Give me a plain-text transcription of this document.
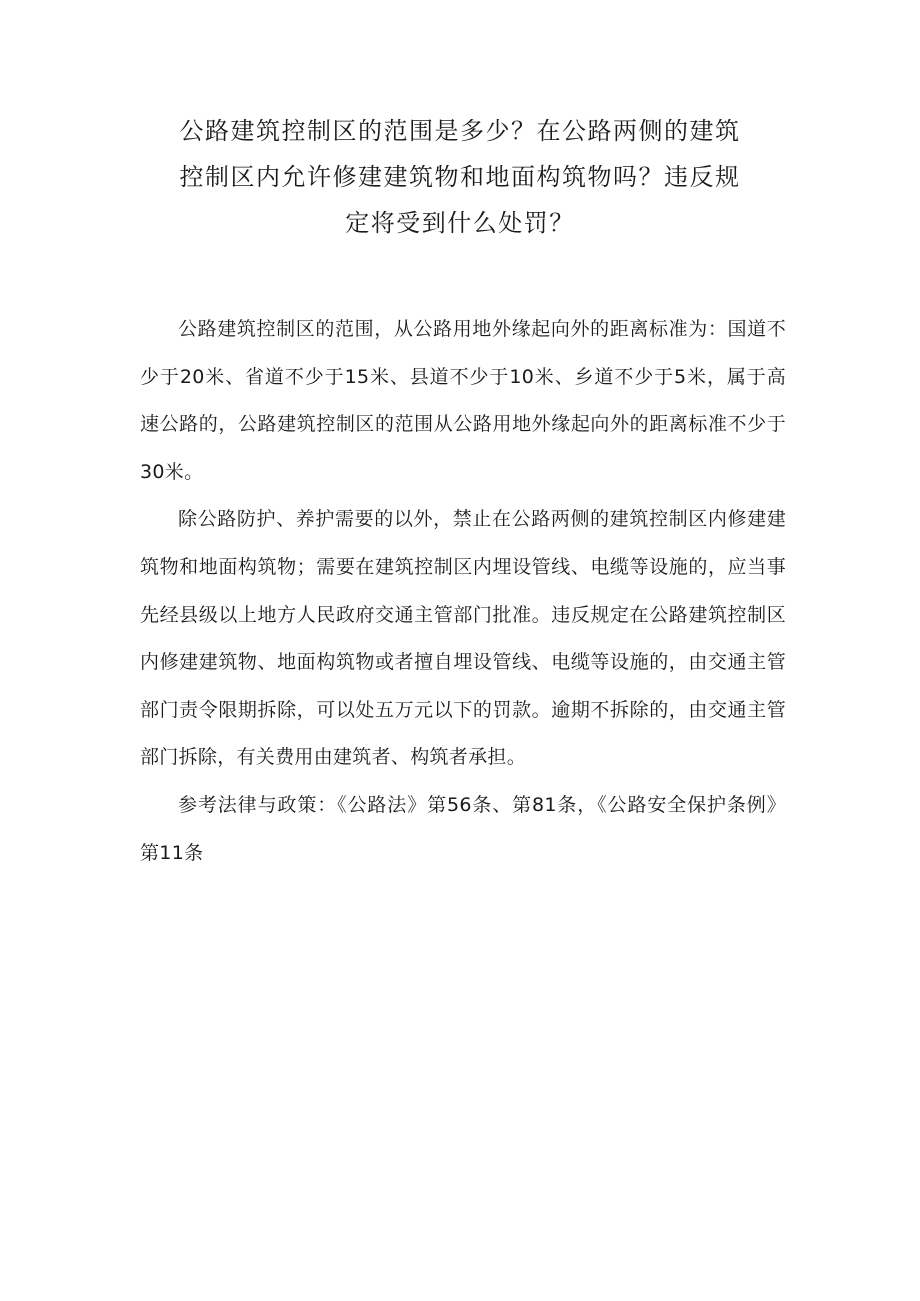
公路建筑控制区的范围是多少？在公路两侧的建筑
控制区内允许修建建筑物和地面构筑物吗？违反规
定将受到什么处罚？

公路建筑控制区的范围，从公路用地外缘起向外的距离标准为：国道不少于20米、省道不少于15米、县道不少于10米、乡道不少于5米，属于高速公路的，公路建筑控制区的范围从公路用地外缘起向外的距离标准不少于30米。

除公路防护、养护需要的以外，禁止在公路两侧的建筑控制区内修建建筑物和地面构筑物；需要在建筑控制区内埋设管线、电缆等设施的，应当事先经县级以上地方人民政府交通主管部门批准。违反规定在公路建筑控制区内修建建筑物、地面构筑物或者擅自埋设管线、电缆等设施的，由交通主管部门责令限期拆除，可以处五万元以下的罚款。逾期不拆除的，由交通主管部门拆除，有关费用由建筑者、构筑者承担。

参考法律与政策：《公路法》第56条、第81条，《公路安全保护条例》第11条
